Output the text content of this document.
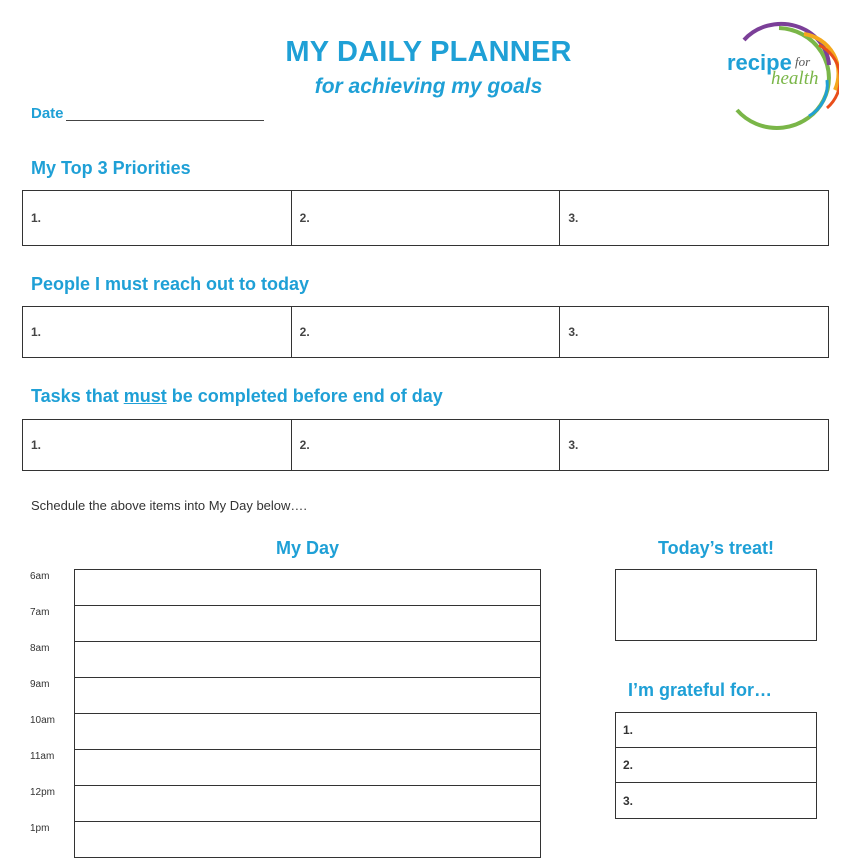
MY DAILY PLANNER
for achieving my goals
recipe for
health
Date
My Top 3 Priorities
1.	2.	3.
People I must reach out to today
1.	2.	3.
Tasks that must be completed before end of day
1.	2.	3.
Schedule the above items into My Day below….
My Day
6am
7am
8am
9am
10am
11am
12pm
1pm
Today’s treat!
I’m grateful for…
1.
2.
3.
